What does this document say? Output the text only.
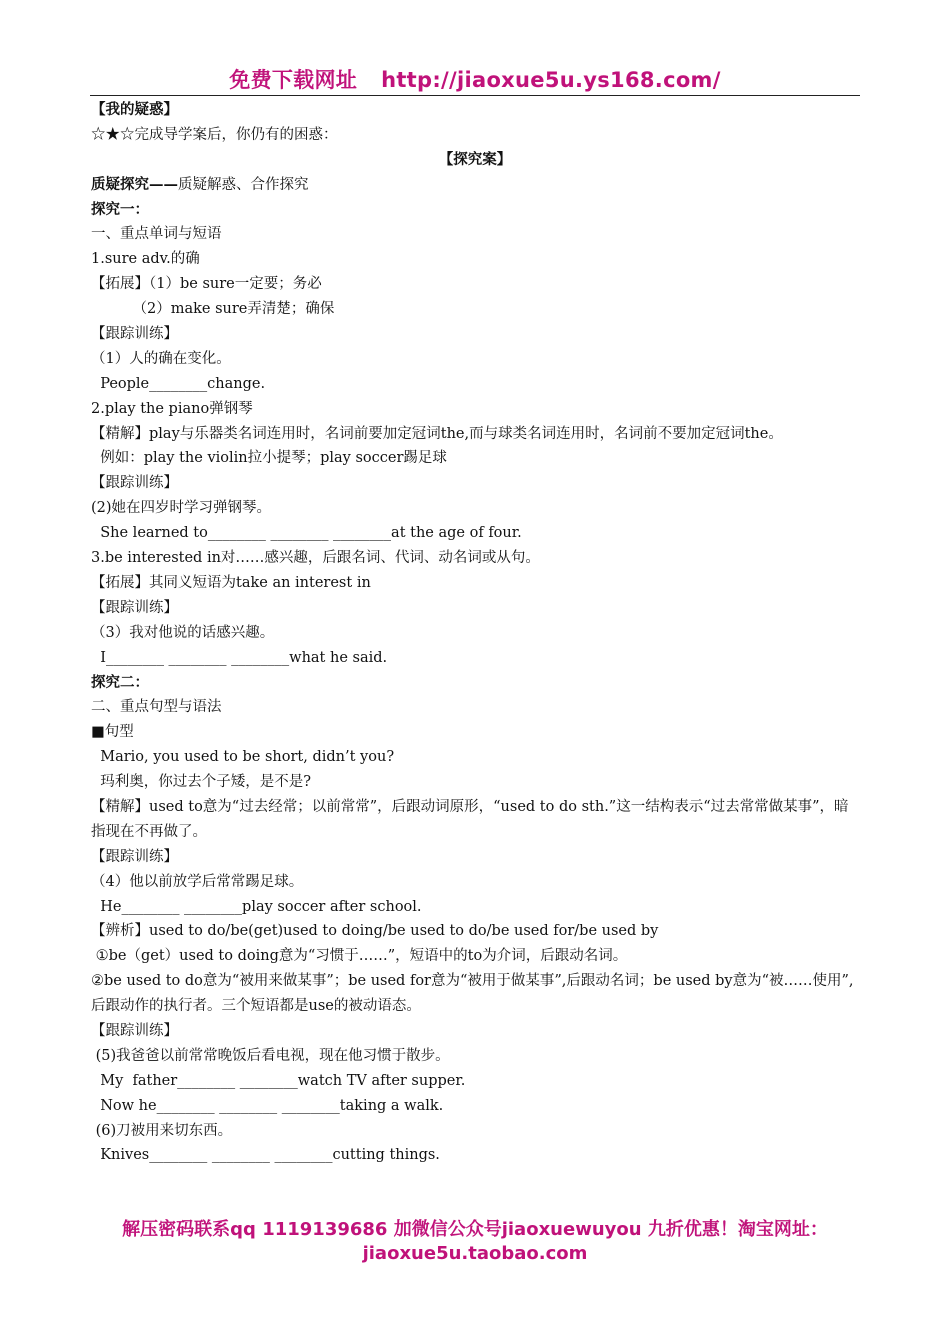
免费下载网址 http://jiaoxue5u.ys168.com/
【我的疑惑】
☆★☆完成导学案后，你仍有的困惑：
【探究案】
质疑探究——质疑解惑、合作探究
探究一：
一、重点单词与短语
1.sure adv.的确
【拓展】（1）be sure一定要；务必
（2）make sure弄清楚；确保
【跟踪训练】
（1）人的确在变化。
People________change.
2.play the piano弹钢琴
【精解】play与乐器类名词连用时，名词前要加定冠词the,而与球类名词连用时，名词前不要加定冠词the。
例如：play the violin拉小提琴；play soccer踢足球
【跟踪训练】
(2)她在四岁时学习弹钢琴。
She learned to________ ________ ________at the age of four.
3.be interested in对……感兴趣，后跟名词、代词、动名词或从句。
【拓展】其同义短语为take an interest in
【跟踪训练】
（3）我对他说的话感兴趣。
I________ ________ ________what he said.
探究二：
二、重点句型与语法
■句型
Mario, you used to be short, didn’t you?
玛利奥，你过去个子矮，是不是?
【精解】used to意为“过去经常；以前常常”，后跟动词原形，“used to do sth.”这一结构表示“过去常常做某事”，暗指现在不再做了。
【跟踪训练】
（4）他以前放学后常常踢足球。
He________ ________play soccer after school.
【辨析】used to do/be(get)used to doing/be used to do/be used for/be used by
①be（get）used to doing意为“习惯于……”，短语中的to为介词，后跟动名词。
②be used to do意为“被用来做某事”；be used for意为“被用于做某事”,后跟动名词；be used by意为“被……使用”,后跟动作的执行者。三个短语都是use的被动语态。
【跟踪训练】
(5)我爸爸以前常常晚饭后看电视，现在他习惯于散步。
My  father________ ________watch TV after supper.
Now he________ ________ ________taking a walk.
(6)刀被用来切东西。
Knives________ ________ ________cutting things.
解压密码联系qq 1119139686 加微信公众号jiaoxuewuyou 九折优惠！淘宝网址：jiaoxue5u.taobao.com
